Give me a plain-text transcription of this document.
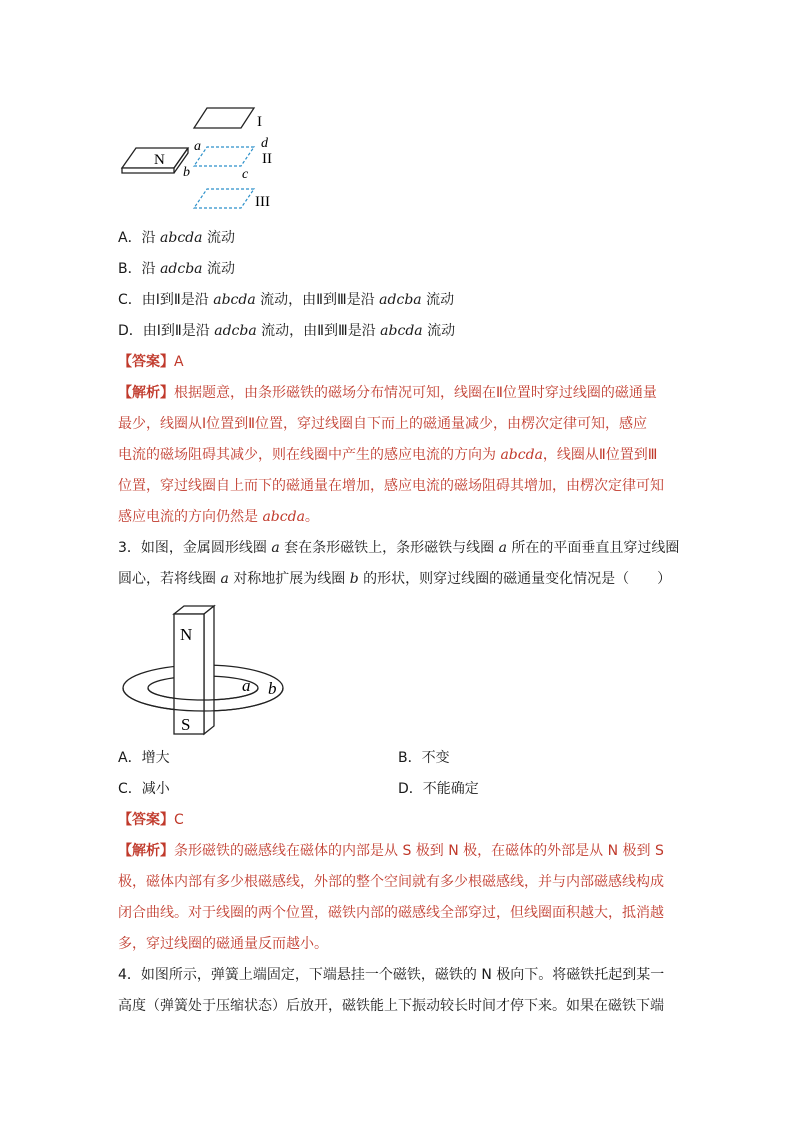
N
I
II
a
b	c
d
III
A．沿 abcda 流动
B．沿 adcba 流动
C．由Ⅰ到Ⅱ是沿 abcda 流动，由Ⅱ到Ⅲ是沿 adcba 流动
D．由Ⅰ到Ⅱ是沿 adcba 流动，由Ⅱ到Ⅲ是沿 abcda 流动
【答案】A
【解析】根据题意，由条形磁铁的磁场分布情况可知，线圈在Ⅱ位置时穿过线圈的磁通量
最少，线圈从Ⅰ位置到Ⅱ位置，穿过线圈自下而上的磁通量减少，由楞次定律可知，感应
电流的磁场阻碍其减少，则在线圈中产生的感应电流的方向为 abcda，线圈从Ⅱ位置到Ⅲ
位置，穿过线圈自上而下的磁通量在增加，感应电流的磁场阻碍其增加，由楞次定律可知
感应电流的方向仍然是 abcda。
3．如图，金属圆形线圈 a 套在条形磁铁上，条形磁铁与线圈 a 所在的平面垂直且穿过线圈
圆心，若将线圈 a 对称地扩展为线圈 b 的形状，则穿过线圈的磁通量变化情况是（　　）
N
S
a b
A．增大	B．不变
C．减小	D．不能确定
【答案】C
【解析】条形磁铁的磁感线在磁体的内部是从 S 极到 N 极，在磁体的外部是从 N 极到 S
极，磁体内部有多少根磁感线，外部的整个空间就有多少根磁感线，并与内部磁感线构成
闭合曲线。对于线圈的两个位置，磁铁内部的磁感线全部穿过，但线圈面积越大，抵消越
多，穿过线圈的磁通量反而越小。
4．如图所示，弹簧上端固定，下端悬挂一个磁铁，磁铁的 N 极向下。将磁铁托起到某一
高度（弹簧处于压缩状态）后放开，磁铁能上下振动较长时间才停下来。如果在磁铁下端
